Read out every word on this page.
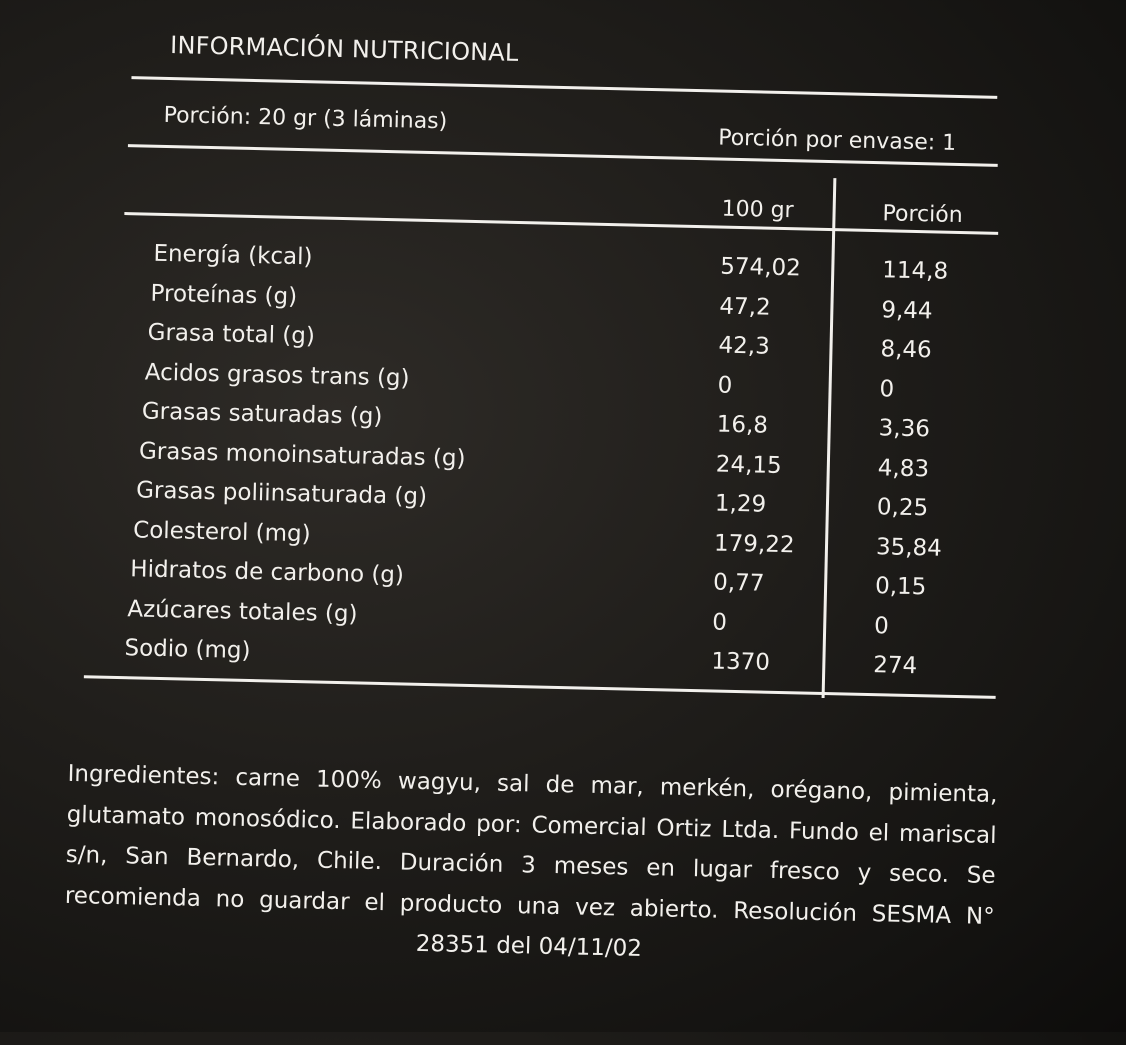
INFORMACIÓN NUTRICIONAL
Porción: 20 gr (3 láminas)
Porción por envase: 1
100 gr	Porción
Energía (kcal)	574,02	114,8
Proteínas (g)	47,2	9,44
Grasa total (g)	42,3	8,46
Acidos grasos trans (g)	0	0
Grasas saturadas (g)	16,8	3,36
Grasas monoinsaturadas (g)	24,15	4,83
Grasas poliinsaturada (g)	1,29	0,25
Colesterol (mg)	179,22	35,84
Hidratos de carbono (g)	0,77	0,15
Azúcares totales (g)	0	0
Sodio (mg)	1370	274
Ingredientes: carne 100% wagyu, sal de mar, merkén, orégano, pimienta, glutamato monosódico. Elaborado por: Comercial Ortiz Ltda. Fundo el mariscal s/n, San Bernardo, Chile. Duración 3 meses en lugar fresco y seco. Se recomienda no guardar el producto una vez abierto. Resolución SESMA N° 28351 del 04/11/02
